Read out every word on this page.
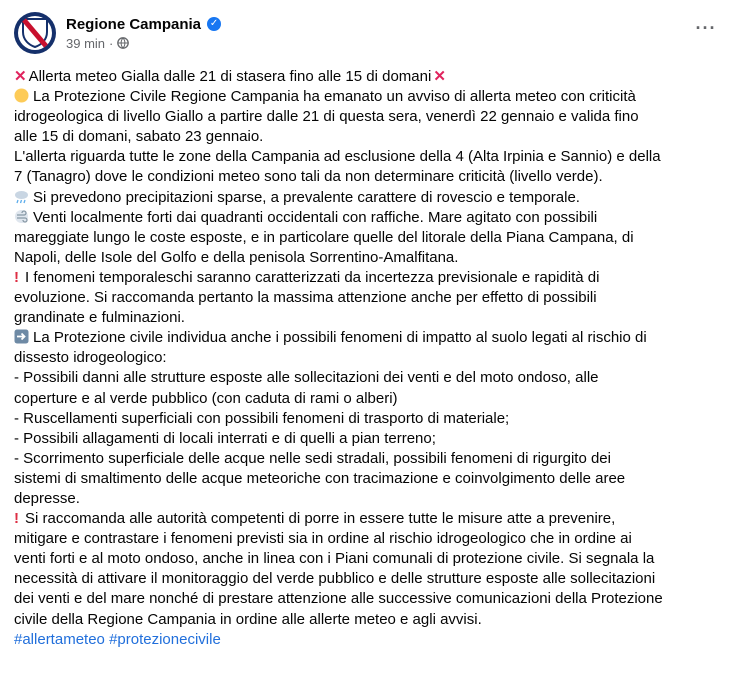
Regione Campania ✓
39 min ·
···
✕ Allerta meteo Gialla dalle 21 di stasera fino alle 15 di domani ✕
La Protezione Civile Regione Campania ha emanato un avviso di allerta meteo con criticità
idrogeologica di livello Giallo a partire dalle 21 di questa sera, venerdì 22 gennaio e valida fino
alle 15 di domani, sabato 23 gennaio.
L'allerta riguarda tutte le zone della Campania ad esclusione della 4 (Alta Irpinia e Sannio) e della
7 (Tanagro) dove le condizioni meteo sono tali da non determinare criticità (livello verde).
Si prevedono precipitazioni sparse, a prevalente carattere di rovescio e temporale.
Venti localmente forti dai quadranti occidentali con raffiche. Mare agitato con possibili
mareggiate lungo le coste esposte, e in particolare quelle del litorale della Piana Campana, di
Napoli, delle Isole del Golfo e della penisola Sorrentino-Amalfitana.
! I fenomeni temporaleschi saranno caratterizzati da incertezza previsionale e rapidità di
evoluzione. Si raccomanda pertanto la massima attenzione anche per effetto di possibili
grandinate e fulminazioni.
La Protezione civile individua anche i possibili fenomeni di impatto al suolo legati al rischio di
dissesto idrogeologico:
- Possibili danni alle strutture esposte alle sollecitazioni dei venti e del moto ondoso, alle
coperture e al verde pubblico (con caduta di rami o alberi)
- Ruscellamenti superficiali con possibili fenomeni di trasporto di materiale;
- Possibili allagamenti di locali interrati e di quelli a pian terreno;
- Scorrimento superficiale delle acque nelle sedi stradali, possibili fenomeni di rigurgito dei
sistemi di smaltimento delle acque meteoriche con tracimazione e coinvolgimento delle aree
depresse.
! Si raccomanda alle autorità competenti di porre in essere tutte le misure atte a prevenire,
mitigare e contrastare i fenomeni previsti sia in ordine al rischio idrogeologico che in ordine ai
venti forti e al moto ondoso, anche in linea con i Piani comunali di protezione civile. Si segnala la
necessità di attivare il monitoraggio del verde pubblico e delle strutture esposte alle sollecitazioni
dei venti e del mare nonché di prestare attenzione alle successive comunicazioni della Protezione
civile della Regione Campania in ordine alle allerte meteo e agli avvisi.
#allertameteo #protezionecivile
